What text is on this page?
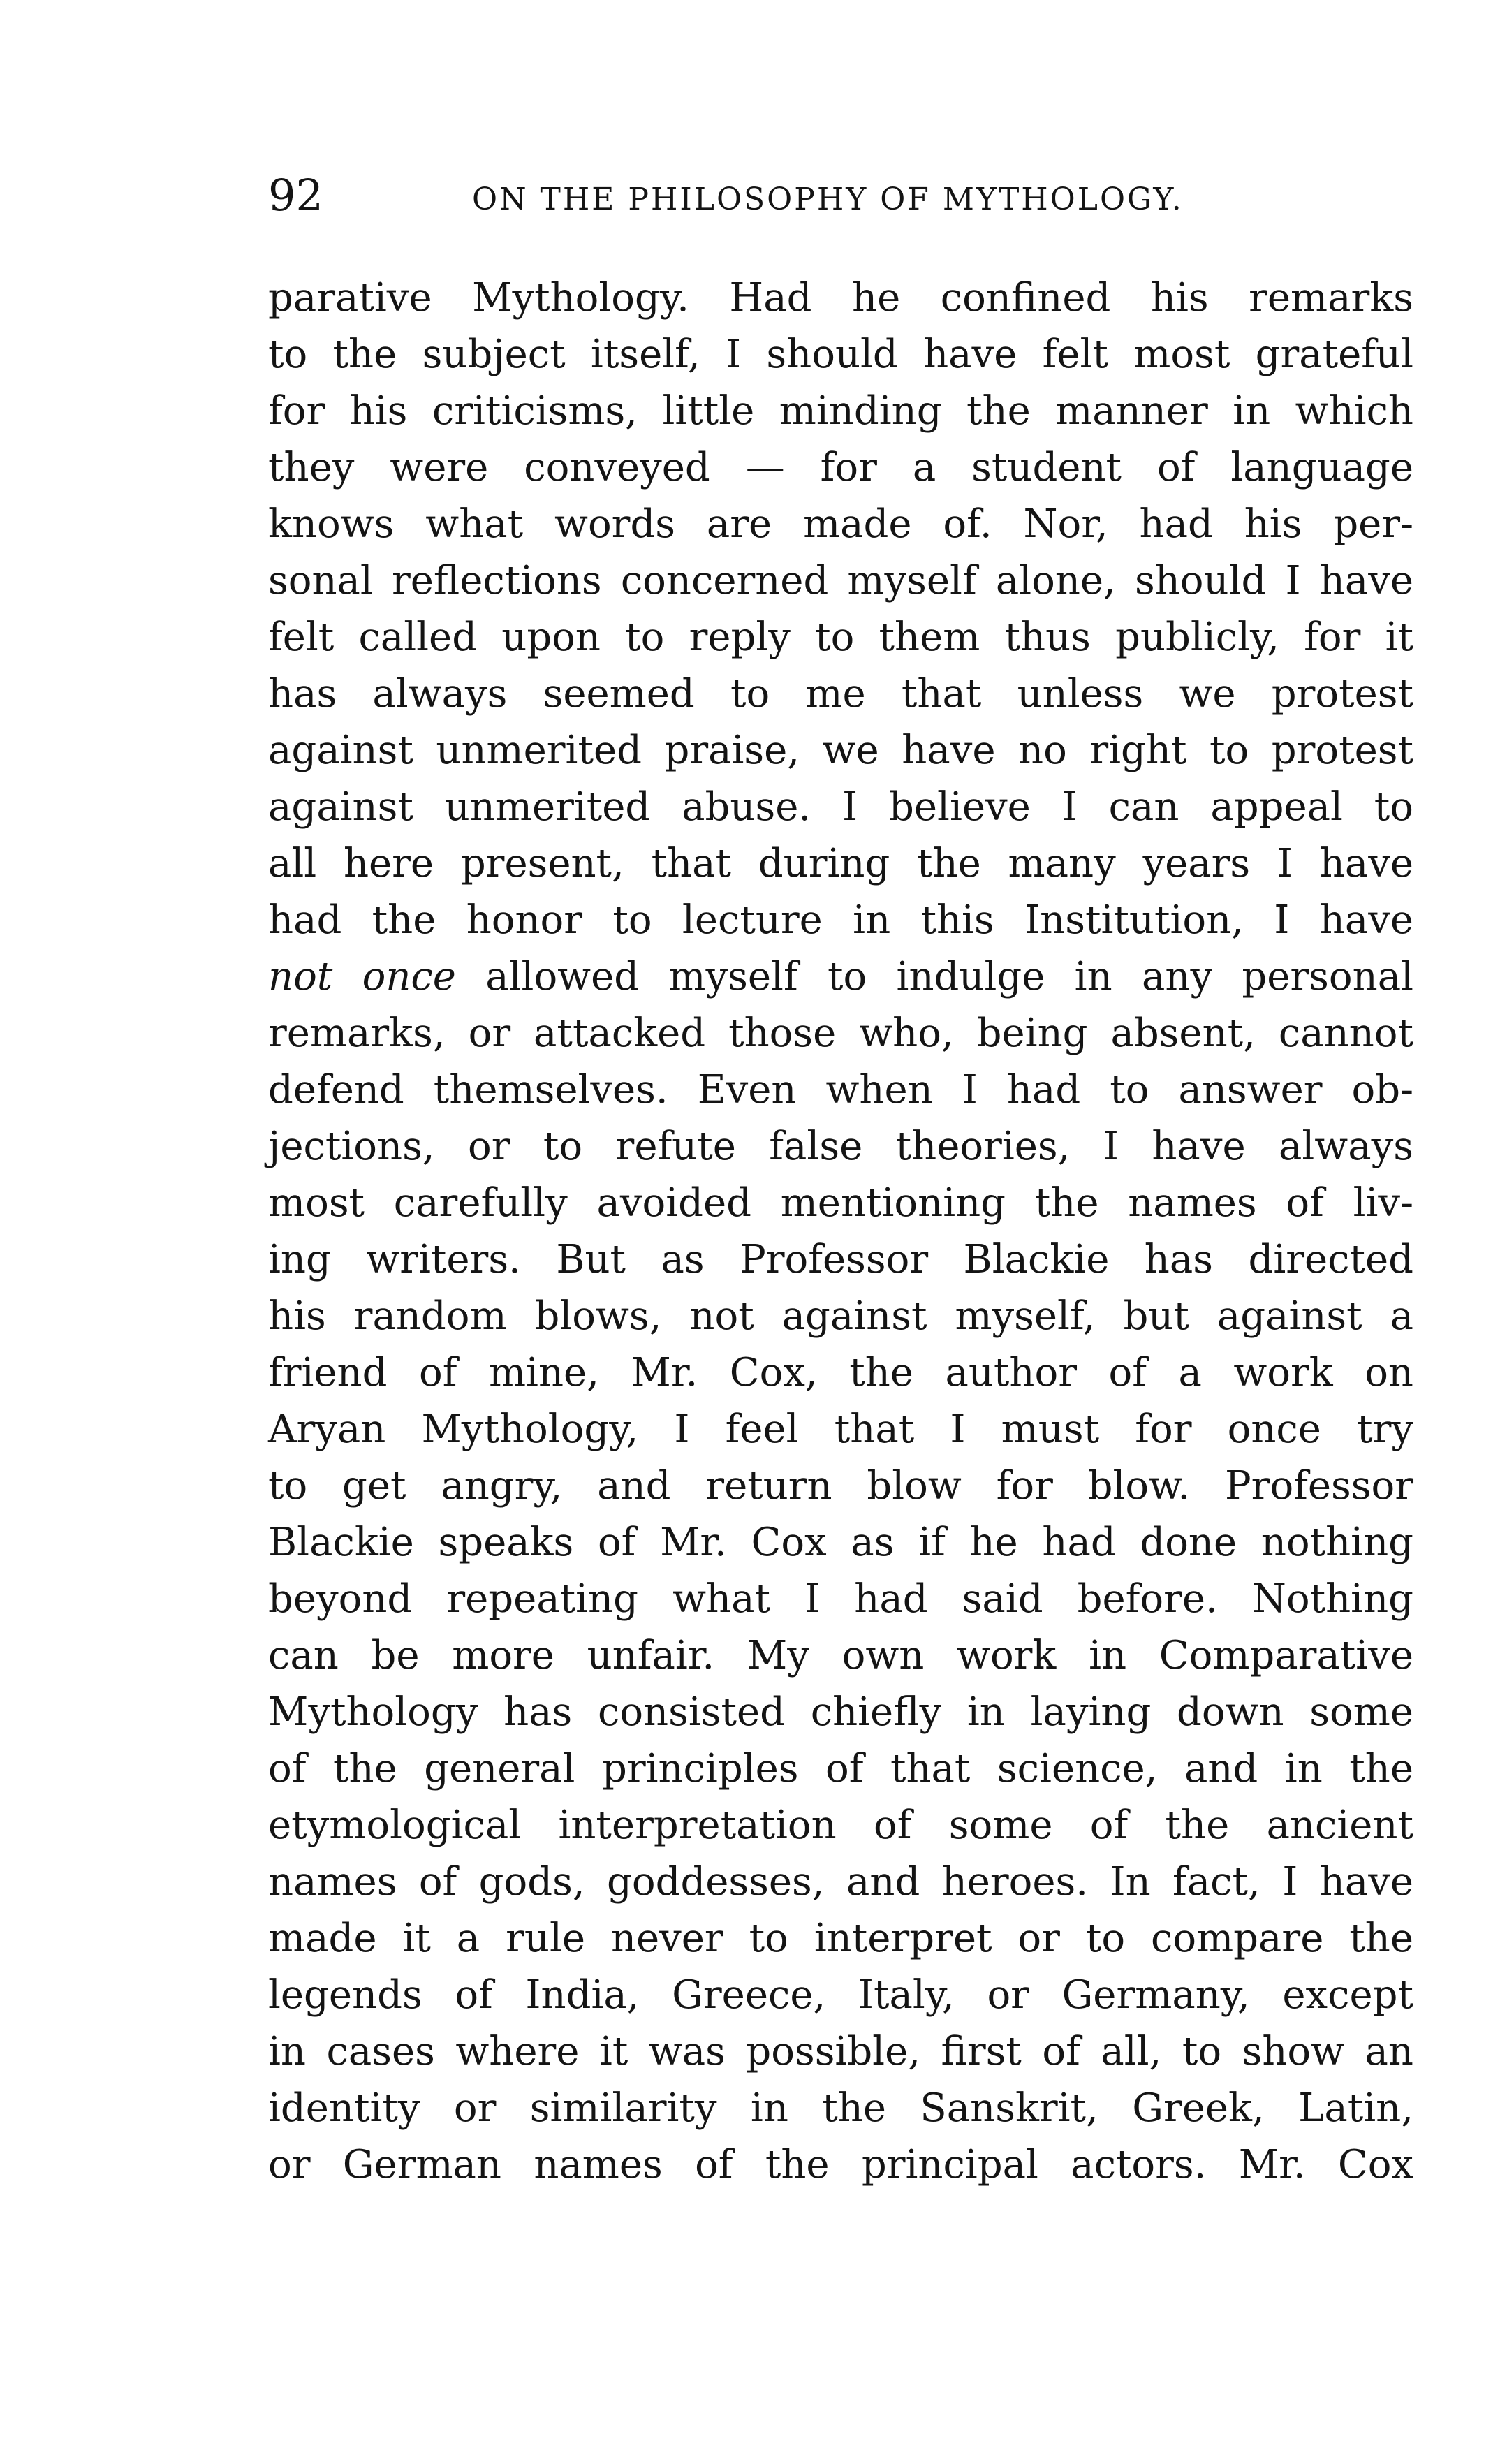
92	ON THE PHILOSOPHY OF MYTHOLOGY.
parative Mythology. Had he confined his remarks
to the subject itself, I should have felt most grateful
for his criticisms, little minding the manner in which
they were conveyed — for a student of language
knows what words are made of. Nor, had his per-
sonal reflections concerned myself alone, should I have
felt called upon to reply to them thus publicly, for it
has always seemed to me that unless we protest
against unmerited praise, we have no right to protest
against unmerited abuse. I believe I can appeal to
all here present, that during the many years I have
had the honor to lecture in this Institution, I have
not once allowed myself to indulge in any personal
remarks, or attacked those who, being absent, cannot
defend themselves. Even when I had to answer ob-
jections, or to refute false theories, I have always
most carefully avoided mentioning the names of liv-
ing writers. But as Professor Blackie has directed
his random blows, not against myself, but against a
friend of mine, Mr. Cox, the author of a work on
Aryan Mythology, I feel that I must for once try
to get angry, and return blow for blow. Professor
Blackie speaks of Mr. Cox as if he had done nothing
beyond repeating what I had said before. Nothing
can be more unfair. My own work in Comparative
Mythology has consisted chiefly in laying down some
of the general principles of that science, and in the
etymological interpretation of some of the ancient
names of gods, goddesses, and heroes. In fact, I have
made it a rule never to interpret or to compare the
legends of India, Greece, Italy, or Germany, except
in cases where it was possible, first of all, to show an
identity or similarity in the Sanskrit, Greek, Latin,
or German names of the principal actors. Mr. Cox
